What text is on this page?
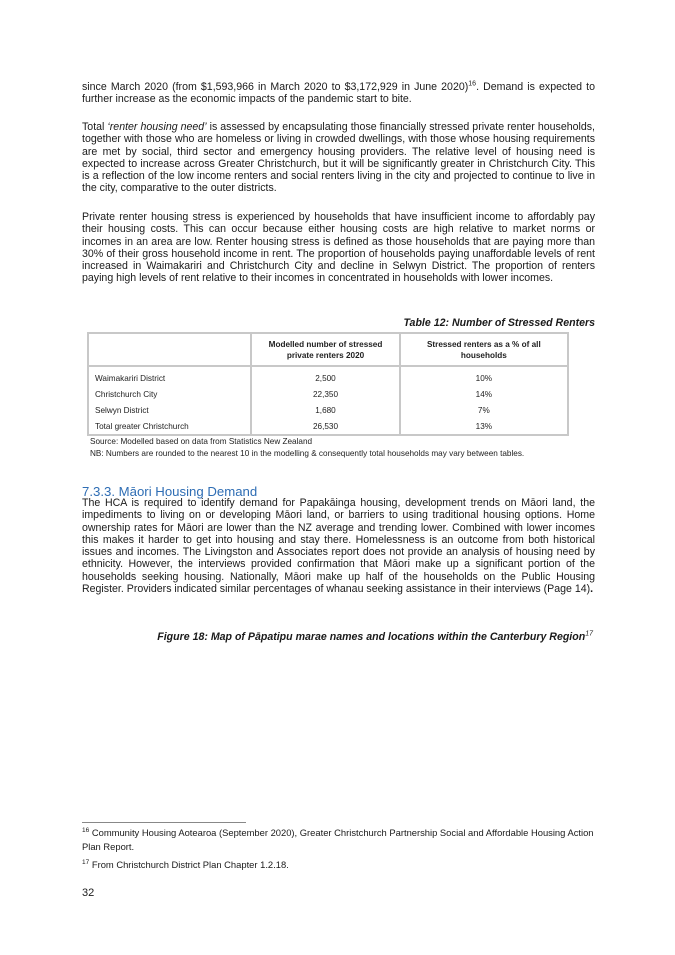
since March 2020 (from $1,593,966 in March 2020 to $3,172,929 in June 2020)$^{16}$. Demand is expected to further increase as the economic impacts of the pandemic start to bite.

Total ‘renter housing need’ is assessed by encapsulating those financially stressed private renter households, together with those who are homeless or living in crowded dwellings, with those whose housing requirements are met by social, third sector and emergency housing providers. The relative level of housing need is expected to increase across Greater Christchurch, but it will be significantly greater in Christchurch City. This is a reflection of the low income renters and social renters living in the city and projected to continue to live in the city, comparative to the outer districts.

Private renter housing stress is experienced by households that have insufficient income to affordably pay their housing costs. This can occur because either housing costs are high relative to market norms or incomes in an area are low. Renter housing stress is defined as those households that are paying more than 30% of their gross household income in rent. The proportion of households paying unaffordable levels of rent increased in Waimakariri and Christchurch City and decline in Selwyn District. The proportion of renters paying high levels of rent relative to their incomes in concentrated in households with lower incomes.

Table 12: Number of Stressed Renters

	Modelled number of stressed private renters 2020	Stressed renters as a % of all households
Waimakariri District	2,500	10%
Christchurch City	22,350	14%
Selwyn District	1,680	7%
Total greater Christchurch	26,530	13%

Source: Modelled based on data from Statistics New Zealand

NB: Numbers are rounded to the nearest 10 in the modelling & consequently total households may vary between tables.

7.3.3. Māori Housing Demand

The HCA is required to identify demand for Papakāinga housing, development trends on Māori land, the impediments to living on or developing Māori land, or barriers to using traditional housing options. Home ownership rates for Māori are lower than the NZ average and trending lower. Combined with lower incomes this makes it harder to get into housing and stay there. Homelessness is an outcome from both historical issues and incomes. The Livingston and Associates report does not provide an analysis of housing need by ethnicity. However, the interviews provided confirmation that Māori make up a significant portion of the households seeking housing. Nationally, Māori make up half of the households on the Public Housing Register. Providers indicated similar percentages of whanau seeking assistance in their interviews (Page 14).

Figure 18: Map of Pāpatipu marae names and locations within the Canterbury Region$^{17}$

$^{16}$ Community Housing Aotearoa (September 2020), Greater Christchurch Partnership Social and Affordable Housing Action Plan Report.

$^{17}$ From Christchurch District Plan Chapter 1.2.18.

32
